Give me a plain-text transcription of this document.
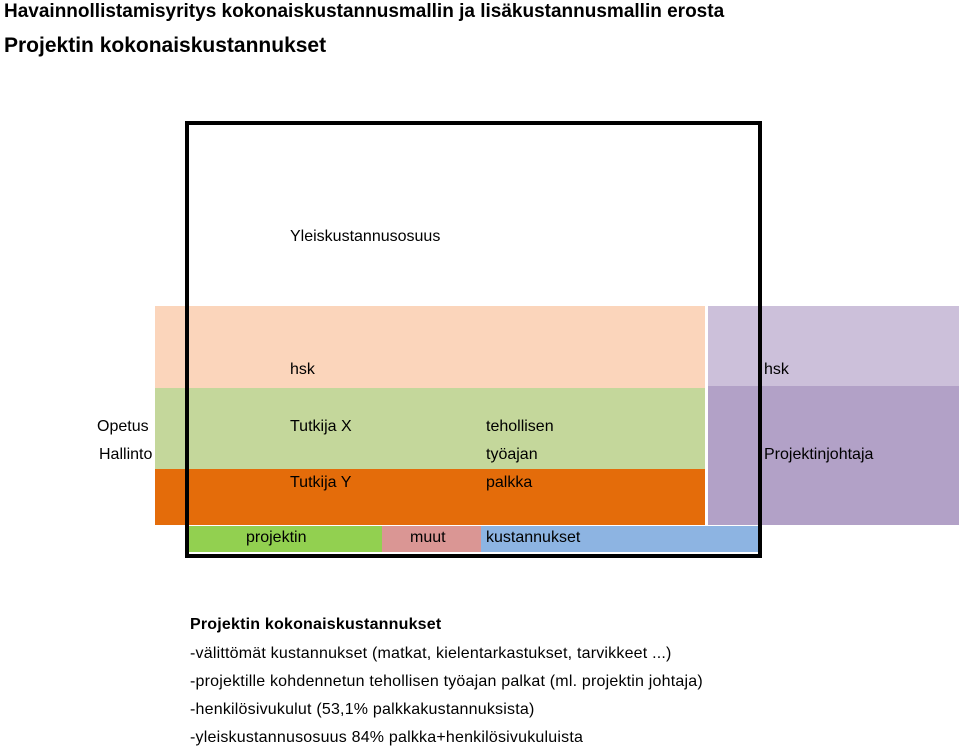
Havainnollistamisyritys kokonaiskustannusmallin ja lisäkustannusmallin erosta
Projektin kokonaiskustannukset
Yleiskustannusosuus
hsk	hsk
Opetus
Hallinto
Tutkija X
Tutkija Y
tehollisen
työajan
palkka
Projektinjohtaja
projektin	muut	kustannukset
Projektin kokonaiskustannukset
-välittömät kustannukset (matkat, kielentarkastukset, tarvikkeet ...)
-projektille kohdennetun tehollisen työajan palkat (ml. projektin johtaja)
-henkilösivukulut (53,1% palkkakustannuksista)
-yleiskustannusosuus 84% palkka+henkilösivukuluista
